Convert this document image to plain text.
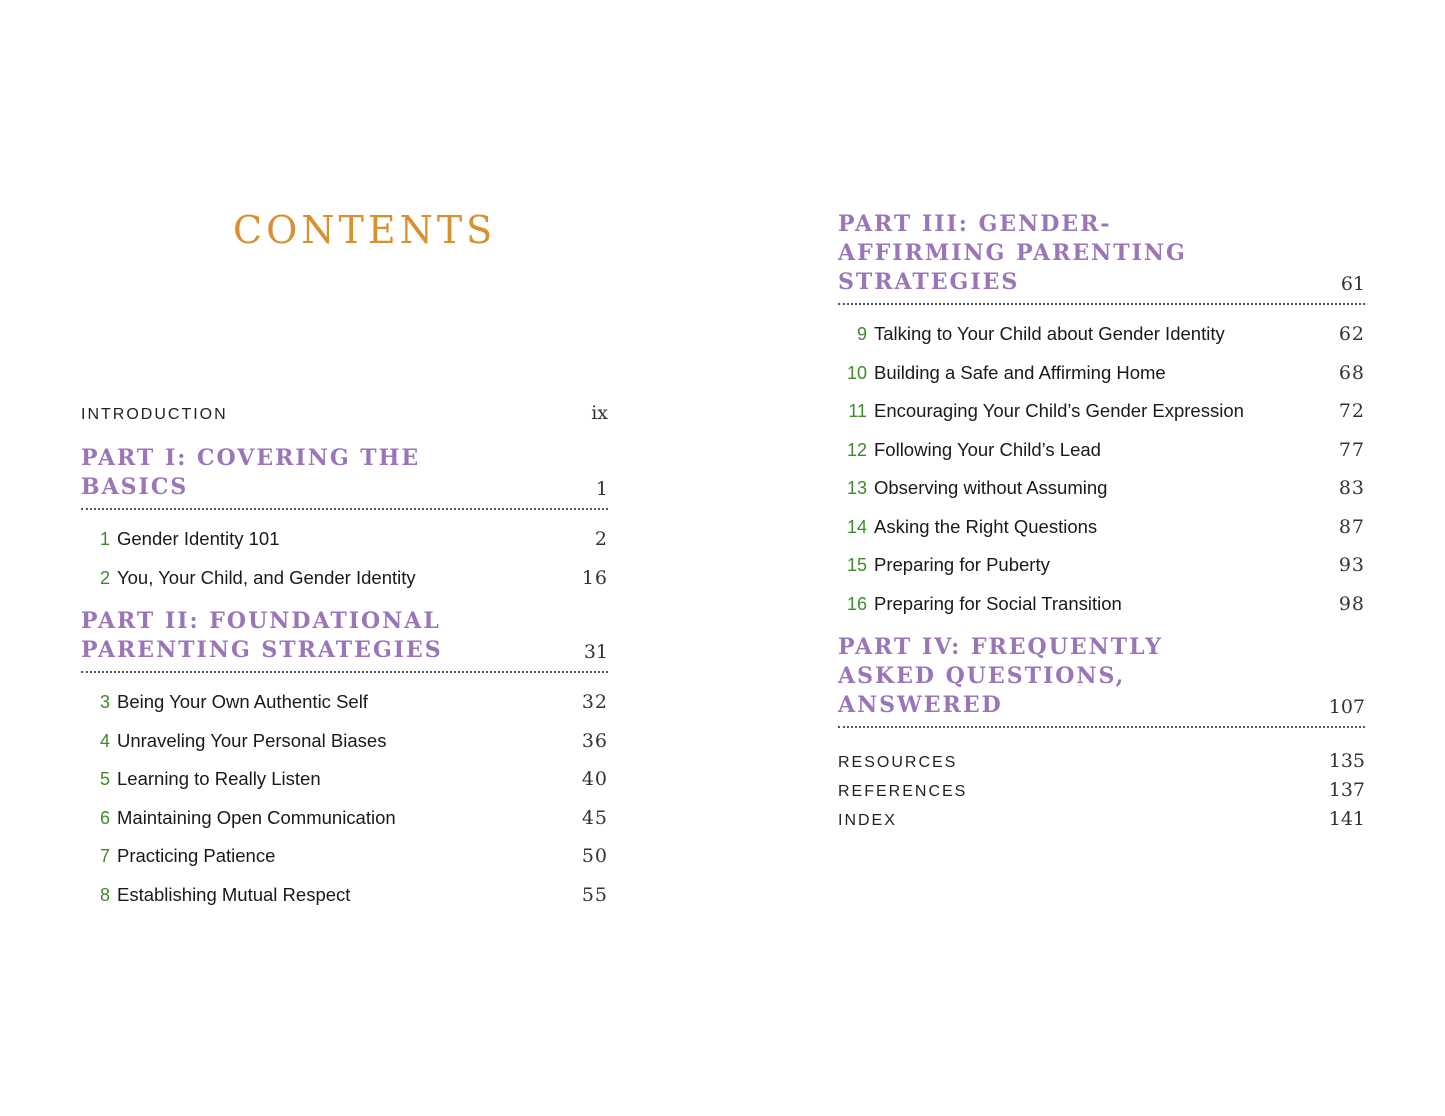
CONTENTS
INTRODUCTION	ix
PART I: COVERING THE BASICS	1
1 Gender Identity 101	2
2 You, Your Child, and Gender Identity	16
PART II: FOUNDATIONAL PARENTING STRATEGIES	31
3 Being Your Own Authentic Self	32
4 Unraveling Your Personal Biases	36
5 Learning to Really Listen	40
6 Maintaining Open Communication	45
7 Practicing Patience	50
8 Establishing Mutual Respect	55
PART III: GENDER-AFFIRMING PARENTING STRATEGIES	61
9 Talking to Your Child about Gender Identity	62
10 Building a Safe and Affirming Home	68
11 Encouraging Your Child’s Gender Expression	72
12 Following Your Child’s Lead	77
13 Observing without Assuming	83
14 Asking the Right Questions	87
15 Preparing for Puberty	93
16 Preparing for Social Transition	98
PART IV: FREQUENTLY ASKED QUESTIONS, ANSWERED	107
RESOURCES	135
REFERENCES	137
INDEX	141
